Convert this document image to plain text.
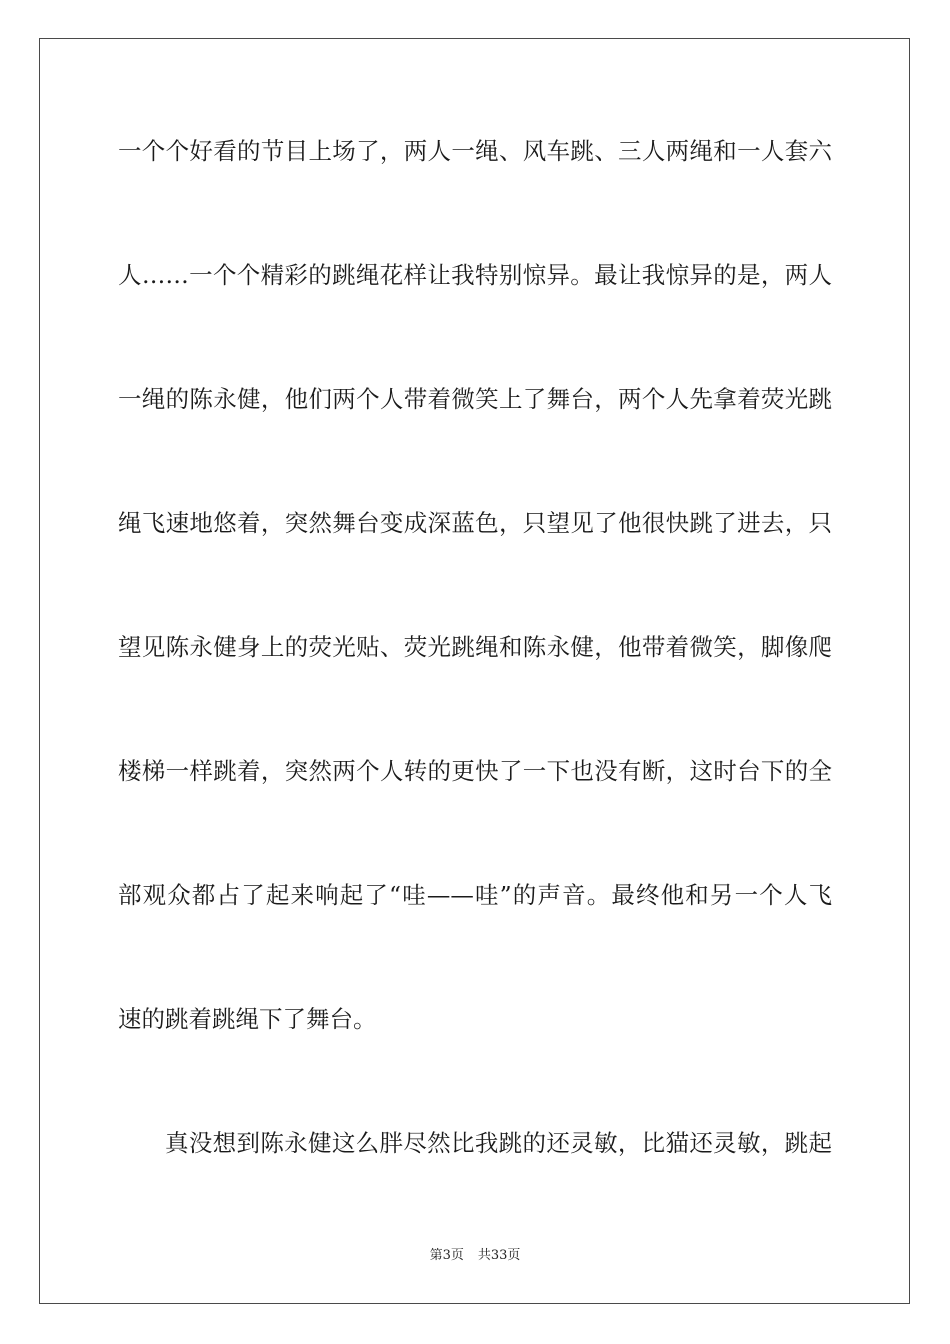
一个个好看的节目上场了，两人一绳、风车跳、三人两绳和一人套六
人……一个个精彩的跳绳花样让我特别惊异。最让我惊异的是，两人
一绳的陈永健，他们两个人带着微笑上了舞台，两个人先拿着荧光跳
绳飞速地悠着，突然舞台变成深蓝色，只望见了他很快跳了进去，只
望见陈永健身上的荧光贴、荧光跳绳和陈永健，他带着微笑，脚像爬
楼梯一样跳着，突然两个人转的更快了一下也没有断，这时台下的全
部观众都占了起来响起了“哇——哇”的声音。最终他和另一个人飞
速的跳着跳绳下了舞台。
真没想到陈永健这么胖尽然比我跳的还灵敏，比猫还灵敏，跳起
第3页 共33页
